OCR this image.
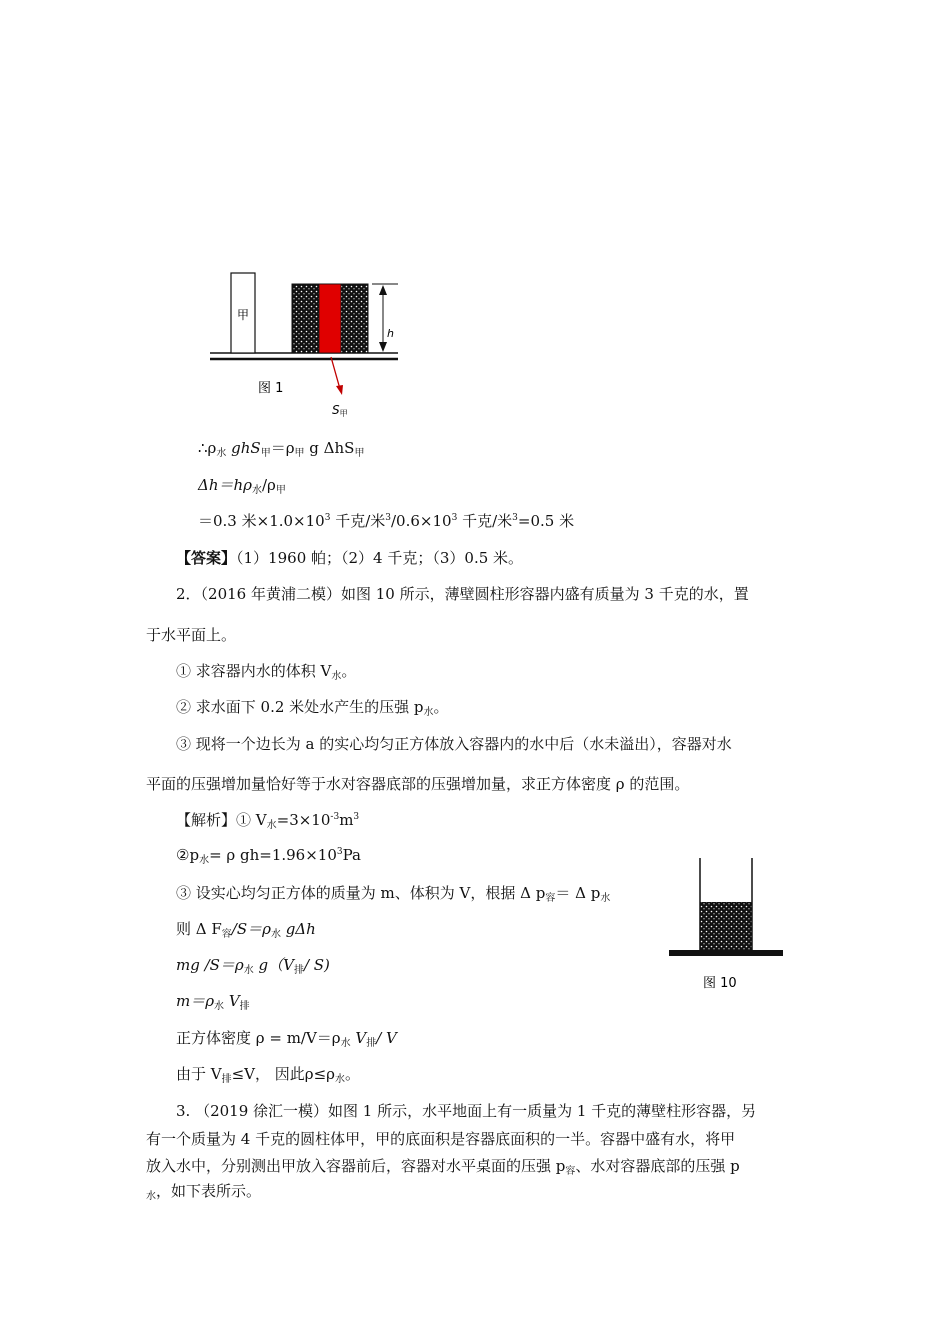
甲
h
图 1
S甲
$\therefore\rho_水$ $ghS_甲=\rho_甲$ g ΔhS$_甲$
$\Delta h=h\rho_水/\rho_甲$
＝0.3 米$\times 1.0\times 10^3$ 千克/米$^3/0.6\times 10^3$ 千克/米$^3$=0.5 米
【答案】（1）1960 帕；（2）4 千克；（3）0.5 米。
2．（2016 年黄浦二模）如图 10 所示，薄壁圆柱形容器内盛有质量为 3 千克的水，置
于水平面上。
① 求容器内水的体积 $V_水$。
② 求水面下 0.2 米处水产生的压强 $p_水$。
③ 现将一个边长为 a 的实心均匀正方体放入容器内的水中后（水未溢出），容器对水
平面的压强增加量恰好等于水对容器底部的压强增加量，求正方体密度 ρ 的范围。
【解析】① $V_水=3\times 10^{-3}m^3$
$②p_水= \rho$ $gh=1.96\times 10^3Pa$
③ 设实心均匀正方体的质量为 m、体积为 V，根据 Δ $p_容= \Delta$ $p_水$
则 Δ $F_容/S=\rho_水$ gΔh
mg $/S=\rho_水$ $g(V_排/$ S)
$m=\rho_水$ $V_排$
正方体密度 $\rho = m/V=\rho_水$ $V_排/$ V
由于 $V_排\le V$， 因此$\rho\le\rho_水$。
图 10
3. （2019 徐汇一模）如图 1 所示，水平地面上有一质量为 1 千克的薄壁柱形容器，另
有一个质量为 4 千克的圆柱体甲，甲的底面积是容器底面积的一半。容器中盛有水，将甲
放入水中，分别测出甲放入容器前后，容器对水平桌面的压强 $p_容$、水对容器底部的压强 p
$_水$，如下表所示。
